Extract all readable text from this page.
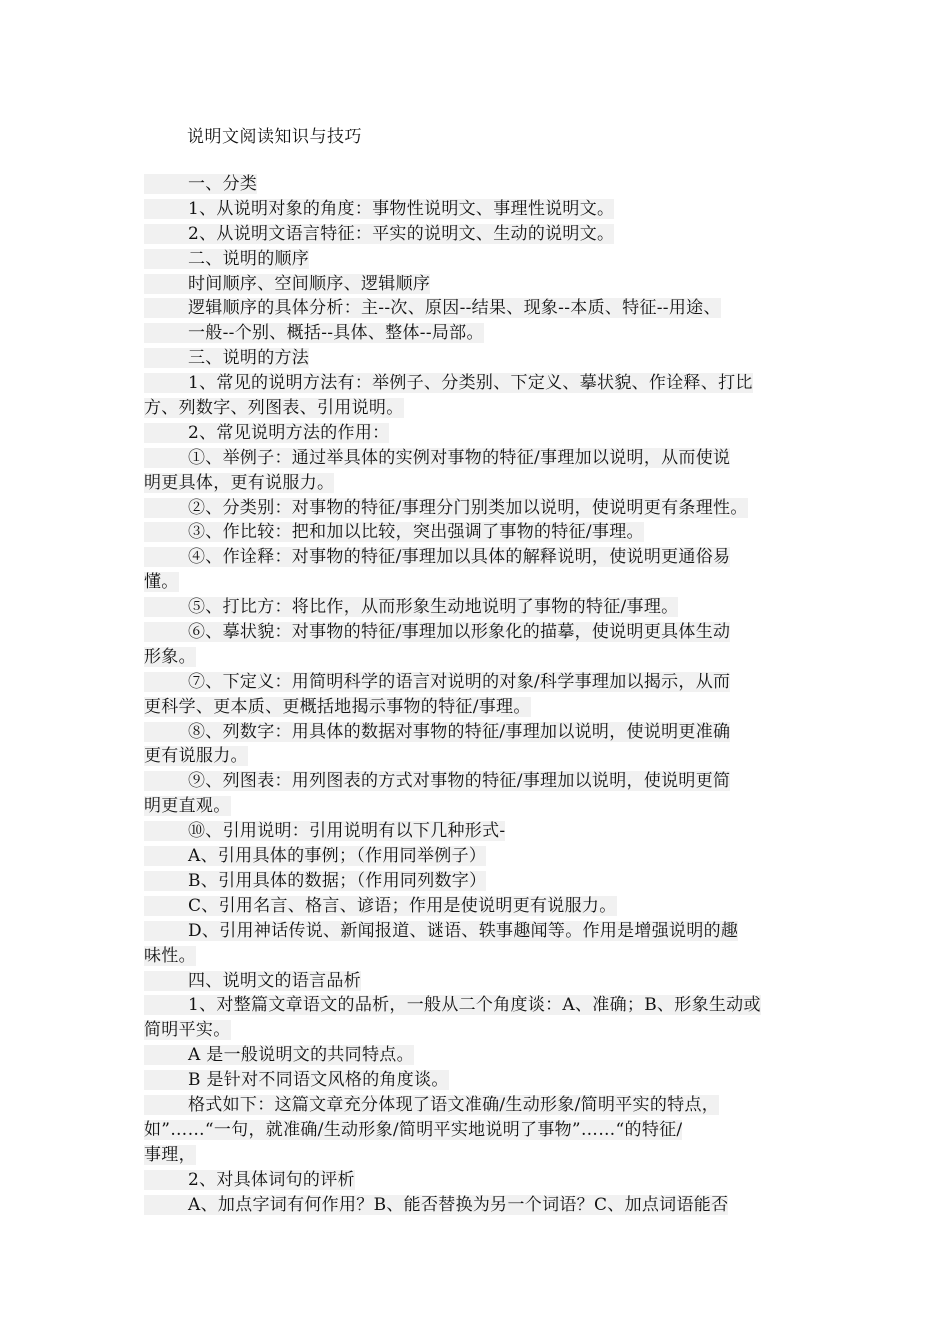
说明文阅读知识与技巧
一、分类
1、从说明对象的角度：事物性说明文、事理性说明文。
2、从说明文语言特征：平实的说明文、生动的说明文。
二、说明的顺序
时间顺序、空间顺序、逻辑顺序
逻辑顺序的具体分析：主--次、原因--结果、现象--本质、特征--用途、
一般--个别、概括--具体、整体--局部。
三、说明的方法
1、常见的说明方法有：举例子、分类别、下定义、摹状貌、作诠释、打比
方、列数字、列图表、引用说明。
2、常见说明方法的作用：
①、举例子：通过举具体的实例对事物的特征/事理加以说明，从而使说
明更具体，更有说服力。
②、分类别：对事物的特征/事理分门别类加以说明，使说明更有条理性。
③、作比较：把和加以比较，突出强调了事物的特征/事理。
④、作诠释：对事物的特征/事理加以具体的解释说明，使说明更通俗易
懂。
⑤、打比方：将比作，从而形象生动地说明了事物的特征/事理。
⑥、摹状貌：对事物的特征/事理加以形象化的描摹，使说明更具体生动
形象。
⑦、下定义：用简明科学的语言对说明的对象/科学事理加以揭示，从而
更科学、更本质、更概括地揭示事物的特征/事理。
⑧、列数字：用具体的数据对事物的特征/事理加以说明，使说明更准确
更有说服力。
⑨、列图表：用列图表的方式对事物的特征/事理加以说明，使说明更简
明更直观。
⑩、引用说明：引用说明有以下几种形式-
A、引用具体的事例；（作用同举例子）
B、引用具体的数据；（作用同列数字）
C、引用名言、格言、谚语；作用是使说明更有说服力。
D、引用神话传说、新闻报道、谜语、轶事趣闻等。作用是增强说明的趣
味性。
四、说明文的语言品析
1、对整篇文章语文的品析，一般从二个角度谈：A、准确；B、形象生动或
简明平实。
A 是一般说明文的共同特点。
B 是针对不同语文风格的角度谈。
格式如下：这篇文章充分体现了语文准确/生动形象/简明平实的特点，
如”……“一句，就准确/生动形象/简明平实地说明了事物”……“的特征/
事理，
2、对具体词句的评析
A、加点字词有何作用？B、能否替换为另一个词语？C、加点词语能否
